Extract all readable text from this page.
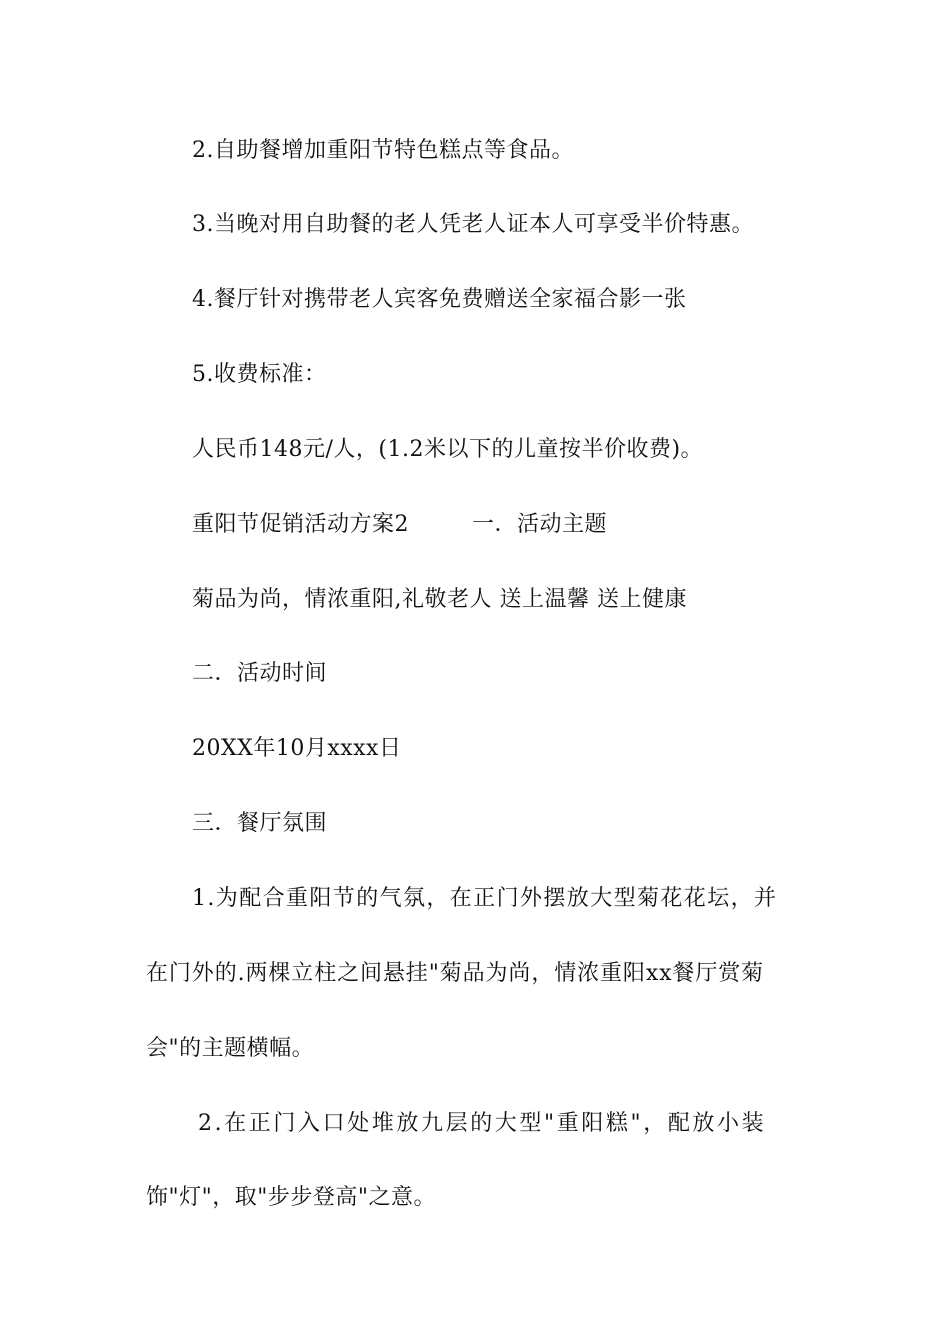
2.自助餐增加重阳节特色糕点等食品。
3.当晚对用自助餐的老人凭老人证本人可享受半价特惠。
4.餐厅针对携带老人宾客免费赠送全家福合影一张
5.收费标准：
人民币148元/人，(1.2米以下的儿童按半价收费)。
重阳节促销活动方案2	一．活动主题
菊品为尚，情浓重阳,礼敬老人 送上温馨 送上健康
二．活动时间
20XX年10月xxxx日
三．餐厅氛围
1.为配合重阳节的气氛，在正门外摆放大型菊花花坛，并
在门外的.两棵立柱之间悬挂"菊品为尚，情浓重阳xx餐厅赏菊
会"的主题横幅。
2.在正门入口处堆放九层的大型"重阳糕"，配放小装
饰"灯"，取"步步登高"之意。
